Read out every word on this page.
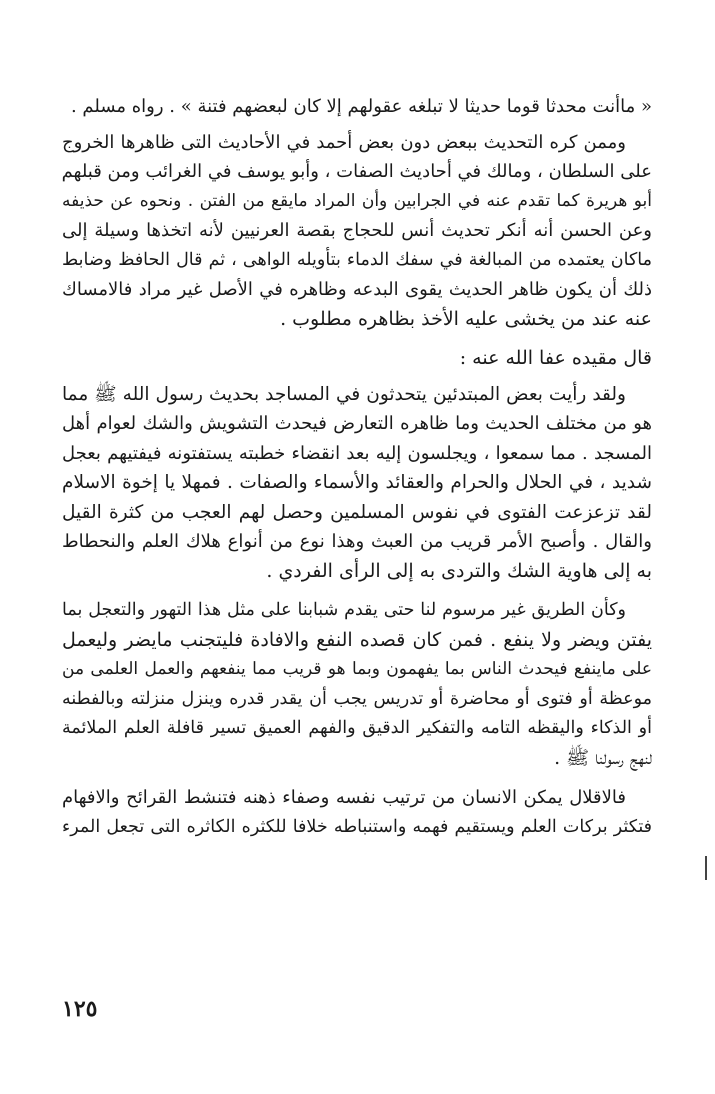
« ماأنت محدثا قوما حديثا لا تبلغه عقولهم إلا كان لبعضهم فتنة » . رواه مسلم .
وممن كره التحديث ببعض دون بعض أحمد في الأحاديث التى ظاهرها الخروج
على السلطان ، ومالك في أحاديث الصفات ، وأبو يوسف في الغرائب ومن قبلهم
أبو هريرة كما تقدم عنه في الجرابين وأن المراد مايقع من الفتن . ونحوه عن حذيفه
وعن الحسن أنه أنكر تحديث أنس للحجاج بقصة العرنيين لأنه اتخذها وسيلة إلى
ماكان يعتمده من المبالغة في سفك الدماء بتأويله الواهى ، ثم قال الحافظ وضابط
ذلك أن يكون ظاهر الحديث يقوى البدعه وظاهره في الأصل غير مراد فالامساك
عنه عند من يخشى عليه الأخذ بظاهره مطلوب .
قال مقيده عفا الله عنه :
ولقد رأيت بعض المبتدئين يتحدثون في المساجد بحديث رسول الله ﷺ مما
هو من مختلف الحديث وما ظاهره التعارض فيحدث التشويش والشك لعوام أهل
المسجد . مما سمعوا ، ويجلسون إليه بعد انقضاء خطبته يستفتونه فيفتيهم بعجل
شديد ، في الحلال والحرام والعقائد والأسماء والصفات . فمهلا يا إخوة الاسلام
لقد تزعزعت الفتوى في نفوس المسلمين وحصل لهم العجب من كثرة القيل
والقال . وأصبح الأمر قريب من العبث وهذا نوع من أنواع هلاك العلم والنحطاط
به إلى هاوية الشك والتردى به إلى الرأى الفردي .
وكأن الطريق غير مرسوم لنا حتى يقدم شبابنا على مثل هذا التهور والتعجل بما
يفتن ويضر ولا ينفع . فمن كان قصده النفع والافادة فليتجنب مايضر وليعمل
على ماينفع فيحدث الناس بما يفهمون وبما هو قريب مما ينفعهم والعمل العلمى من
موعظة أو فتوى أو محاضرة أو تدريس يجب أن يقدر قدره وينزل منزلته وبالفطنه
أو الذكاء واليقظه التامه والتفكير الدقيق والفهم العميق تسير قافلة العلم الملائمة
لنهج رسولنا ﷺ .
فالاقلال يمكن الانسان من ترتيب نفسه وصفاء ذهنه فتنشط القرائح والافهام
فتكثر بركات العلم ويستقيم فهمه واستنباطه خلافا للكثره الكاثره التى تجعل المرء
١٢٥
